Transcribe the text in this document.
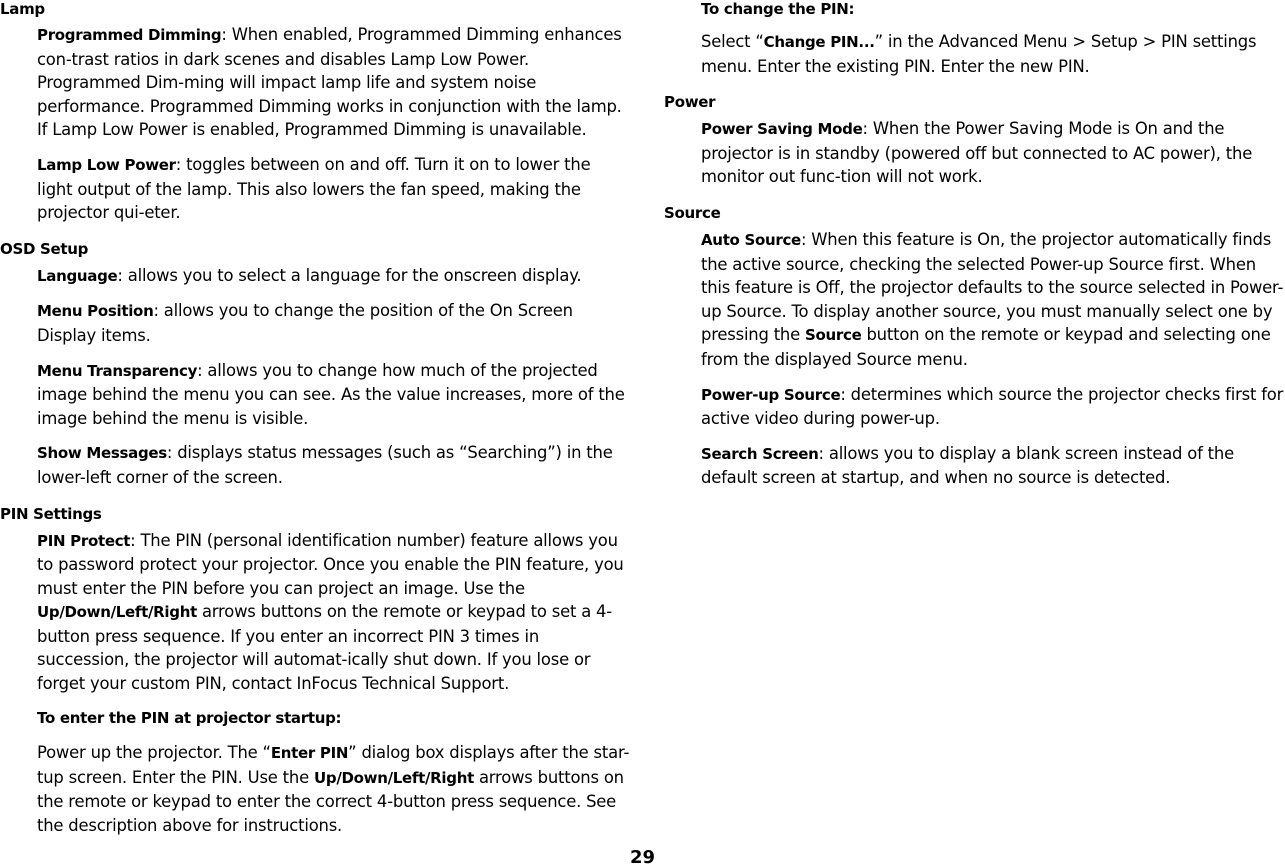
Lamp
Programmed Dimming: When enabled, Programmed Dimming enhances con-trast ratios in dark scenes and disables Lamp Low Power. Programmed Dim-ming will impact lamp life and system noise performance. Programmed Dimming works in conjunction with the lamp. If Lamp Low Power is enabled, Programmed Dimming is unavailable.
Lamp Low Power: toggles between on and off. Turn it on to lower the light output of the lamp. This also lowers the fan speed, making the projector qui-eter.
OSD Setup
Language: allows you to select a language for the onscreen display.
Menu Position: allows you to change the position of the On Screen Display items.
Menu Transparency: allows you to change how much of the projected image behind the menu you can see. As the value increases, more of the image behind the menu is visible.
Show Messages: displays status messages (such as “Searching”) in the lower-left corner of the screen.
PIN Settings
PIN Protect: The PIN (personal identification number) feature allows you to password protect your projector. Once you enable the PIN feature, you must enter the PIN before you can project an image. Use the Up/Down/Left/Right arrows buttons on the remote or keypad to set a 4-button press sequence. If you enter an incorrect PIN 3 times in succession, the projector will automat-ically shut down. If you lose or forget your custom PIN, contact InFocus Technical Support.
To enter the PIN at projector startup:
Power up the projector. The “Enter PIN” dialog box displays after the star-tup screen. Enter the PIN. Use the Up/Down/Left/Right arrows buttons on the remote or keypad to enter the correct 4-button press sequence. See the description above for instructions.
To change the PIN:
Select “Change PIN...” in the Advanced Menu > Setup > PIN settings menu. Enter the existing PIN. Enter the new PIN.
Power
Power Saving Mode: When the Power Saving Mode is On and the projector is in standby (powered off but connected to AC power), the monitor out func-tion will not work.
Source
Auto Source: When this feature is On, the projector automatically finds the active source, checking the selected Power-up Source first. When this feature is Off, the projector defaults to the source selected in Power-up Source. To display another source, you must manually select one by pressing the Source button on the remote or keypad and selecting one from the displayed Source menu.
Power-up Source: determines which source the projector checks first for active video during power-up.
Search Screen: allows you to display a blank screen instead of the default screen at startup, and when no source is detected.
29
